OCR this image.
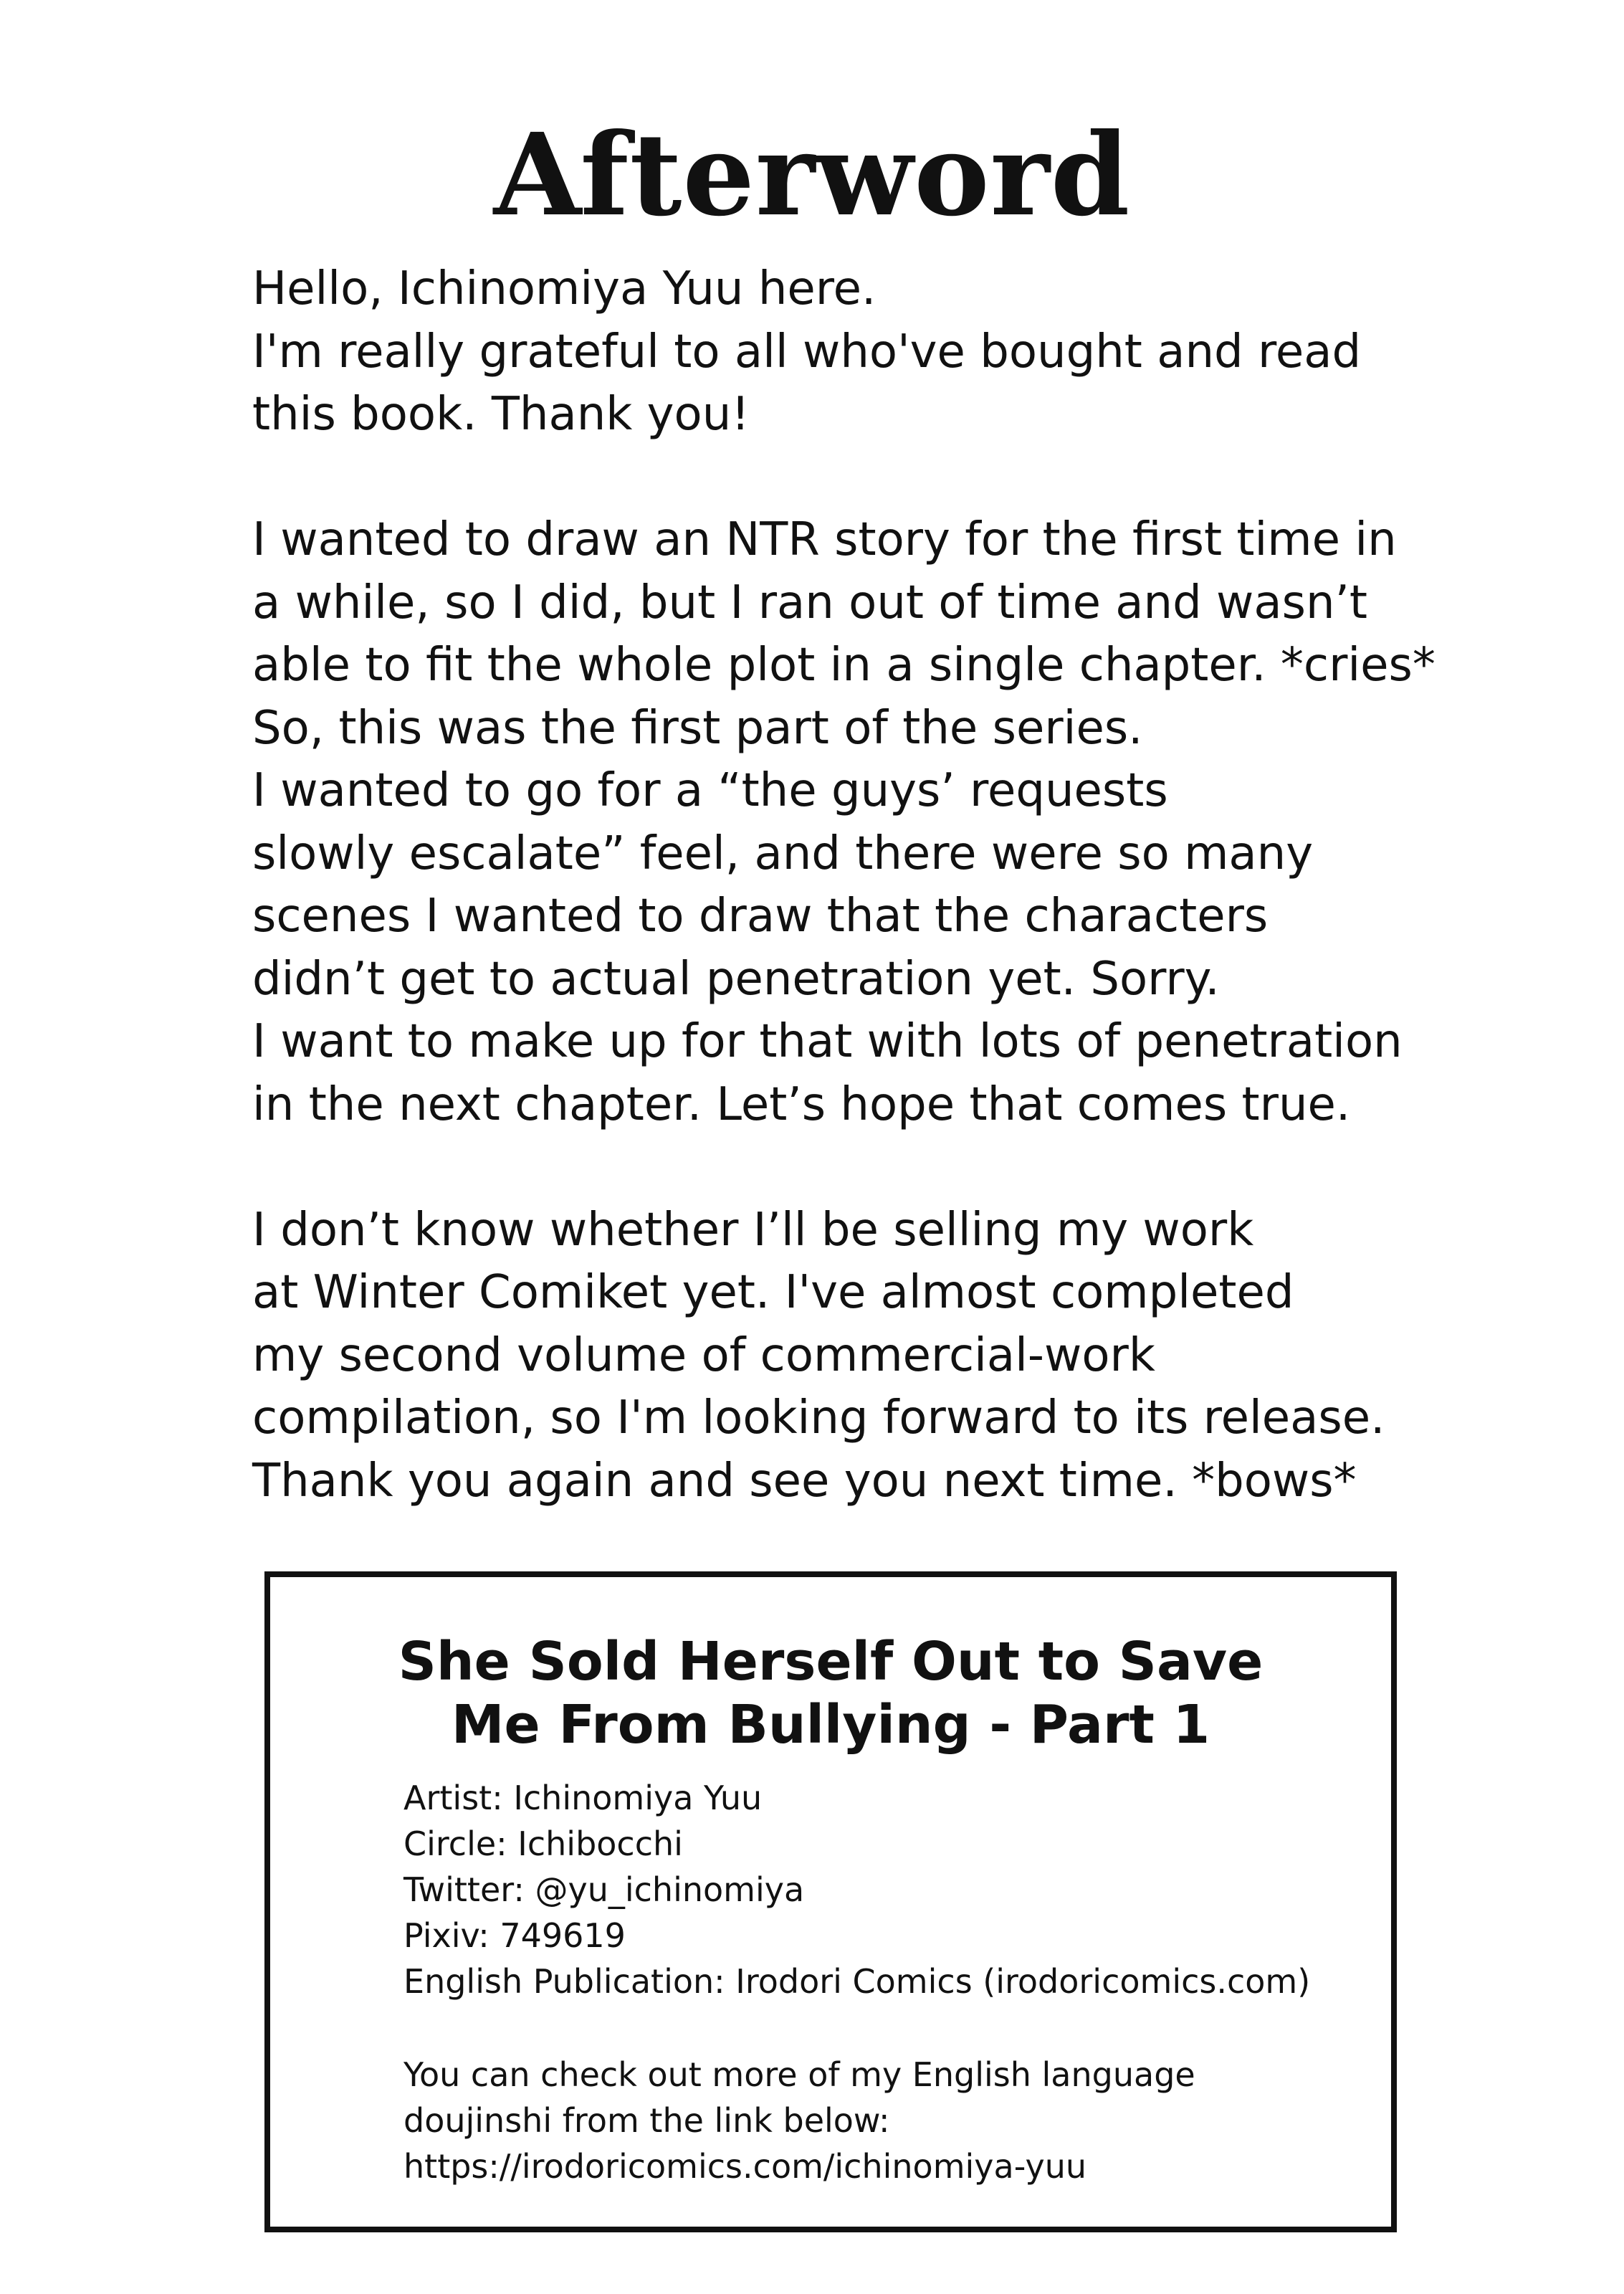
Afterword
Hello, Ichinomiya Yuu here.
I'm really grateful to all who've bought and read
this book. Thank you!
I wanted to draw an NTR story for the first time in
a while, so I did, but I ran out of time and wasn’t
able to fit the whole plot in a single chapter. *cries*
So, this was the first part of the series.
I wanted to go for a “the guys’ requests
slowly escalate” feel, and there were so many
scenes I wanted to draw that the characters
didn’t get to actual penetration yet. Sorry.
I want to make up for that with lots of penetration
in the next chapter. Let’s hope that comes true.
I don’t know whether I’ll be selling my work
at Winter Comiket yet. I've almost completed
my second volume of commercial-work
compilation, so I'm looking forward to its release.
Thank you again and see you next time. *bows*
She Sold Herself Out to Save
Me From Bullying - Part 1
Artist: Ichinomiya Yuu
Circle: Ichibocchi
Twitter: @yu_ichinomiya
Pixiv: 749619
English Publication: Irodori Comics (irodoricomics.com)
You can check out more of my English language
doujinshi from the link below:
https://irodoricomics.com/ichinomiya-yuu
